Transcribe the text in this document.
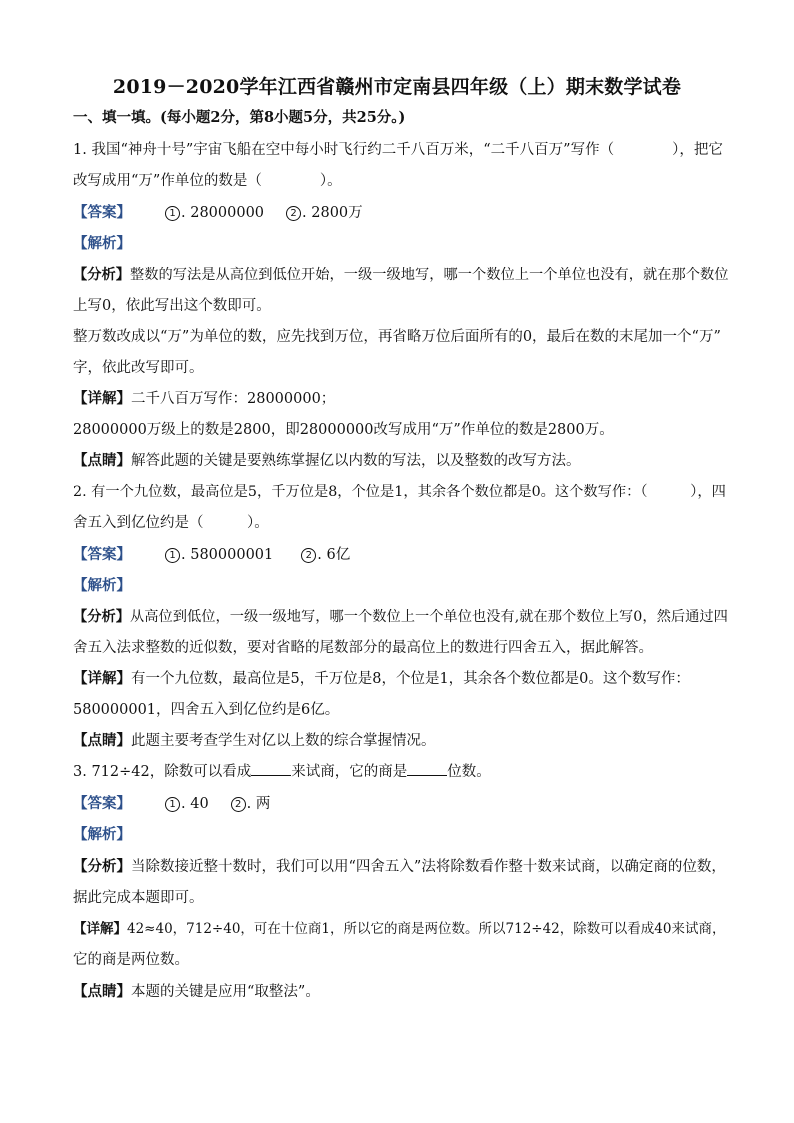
2019－2020学年江西省赣州市定南县四年级（上）期末数学试卷
一、填一填。(每小题2分，第8小题5分，共25分。)
1. 我国“神舟十号”宇宙飞船在空中每小时飞行约二千八百万米，“二千八百万”写作（　　　　），把它
改写成用“万”作单位的数是（　　　　）。
【答案】	1 . 28000000	2 . 2800万
【解析】
【分析】整数的写法是从高位到低位开始，一级一级地写，哪一个数位上一个单位也没有，就在那个数位
上写0，依此写出这个数即可。
整万数改成以“万”为单位的数，应先找到万位，再省略万位后面所有的0，最后在数的末尾加一个“万”
字，依此改写即可。
【详解】二千八百万写作：28000000；
28000000万级上的数是2800，即28000000改写成用“万”作单位的数是2800万。
【点睛】解答此题的关键是要熟练掌握亿以内数的写法，以及整数的改写方法。
2. 有一个九位数，最高位是5，千万位是8，个位是1，其余各个数位都是0。这个数写作：（　　　），四
舍五入到亿位约是（　　　）。
【答案】	1 . 580000001	2 . 6亿
【解析】
【分析】从高位到低位，一级一级地写，哪一个数位上一个单位也没有,就在那个数位上写0，然后通过四
舍五入法求整数的近似数，要对省略的尾数部分的最高位上的数进行四舍五入，据此解答。
【详解】有一个九位数，最高位是5，千万位是8，个位是1，其余各个数位都是0。这个数写作：
580000001，四舍五入到亿位约是6亿。
【点睛】此题主要考查学生对亿以上数的综合掌握情况。
3. 712÷42，除数可以看成	来试商，它的商是	位数。
【答案】	1 . 40	2 . 两
【解析】
【分析】当除数接近整十数时，我们可以用“四舍五入”法将除数看作整十数来试商，以确定商的位数，
据此完成本题即可。
【详解】42≈40，712÷40，可在十位商1，所以它的商是两位数。所以712÷42，除数可以看成40来试商，
它的商是两位数。
【点睛】本题的关键是应用“取整法”。
